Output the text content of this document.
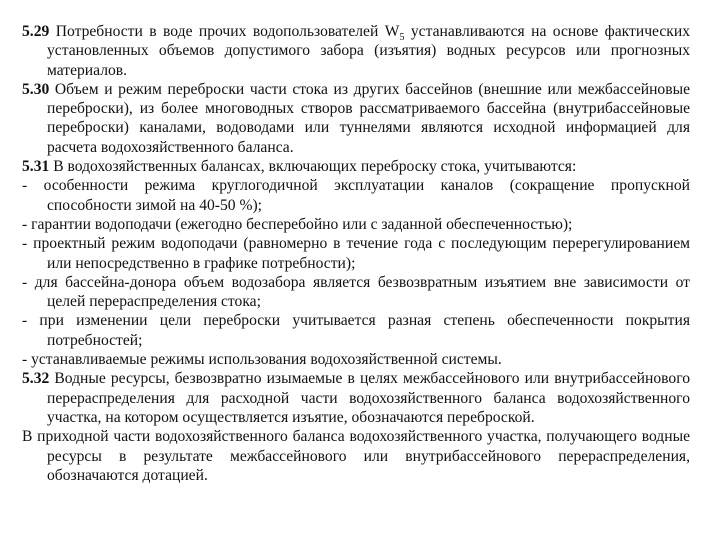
5.29 Потребности в воде прочих водопользователей $W_5$ устанавливаются на основе фактических установленных объемов допустимого забора (изъятия) водных ресурсов или прогнозных материалов.

5.30 Объем и режим переброски части стока из других бассейнов (внешние или межбассейновые переброски), из более многоводных створов рассматриваемого бассейна (внутрибассейновые переброски) каналами, водоводами или туннелями являются исходной информацией для расчета водохозяйственного баланса.

5.31 В водохозяйственных балансах, включающих переброску стока, учитываются:

- особенности режима круглогодичной эксплуатации каналов (сокращение пропускной способности зимой на 40-50 %);

- гарантии водоподачи (ежегодно бесперебойно или с заданной обеспеченностью);

- проектный режим водоподачи (равномерно в течение года с последующим перерегулированием или непосредственно в графике потребности);

- для бассейна-донора объем водозабора является безвозвратным изъятием вне зависимости от целей перераспределения стока;

- при изменении цели переброски учитывается разная степень обеспеченности покрытия потребностей;

- устанавливаемые режимы использования водохозяйственной системы.

5.32 Водные ресурсы, безвозвратно изымаемые в целях межбассейнового или внутрибассейнового перераспределения для расходной части водохозяйственного баланса водохозяйственного участка, на котором осуществляется изъятие, обозначаются переброской.

В приходной части водохозяйственного баланса водохозяйственного участка, получающего водные ресурсы в результате межбассейнового или внутрибассейнового перераспределения, обозначаются дотацией.
